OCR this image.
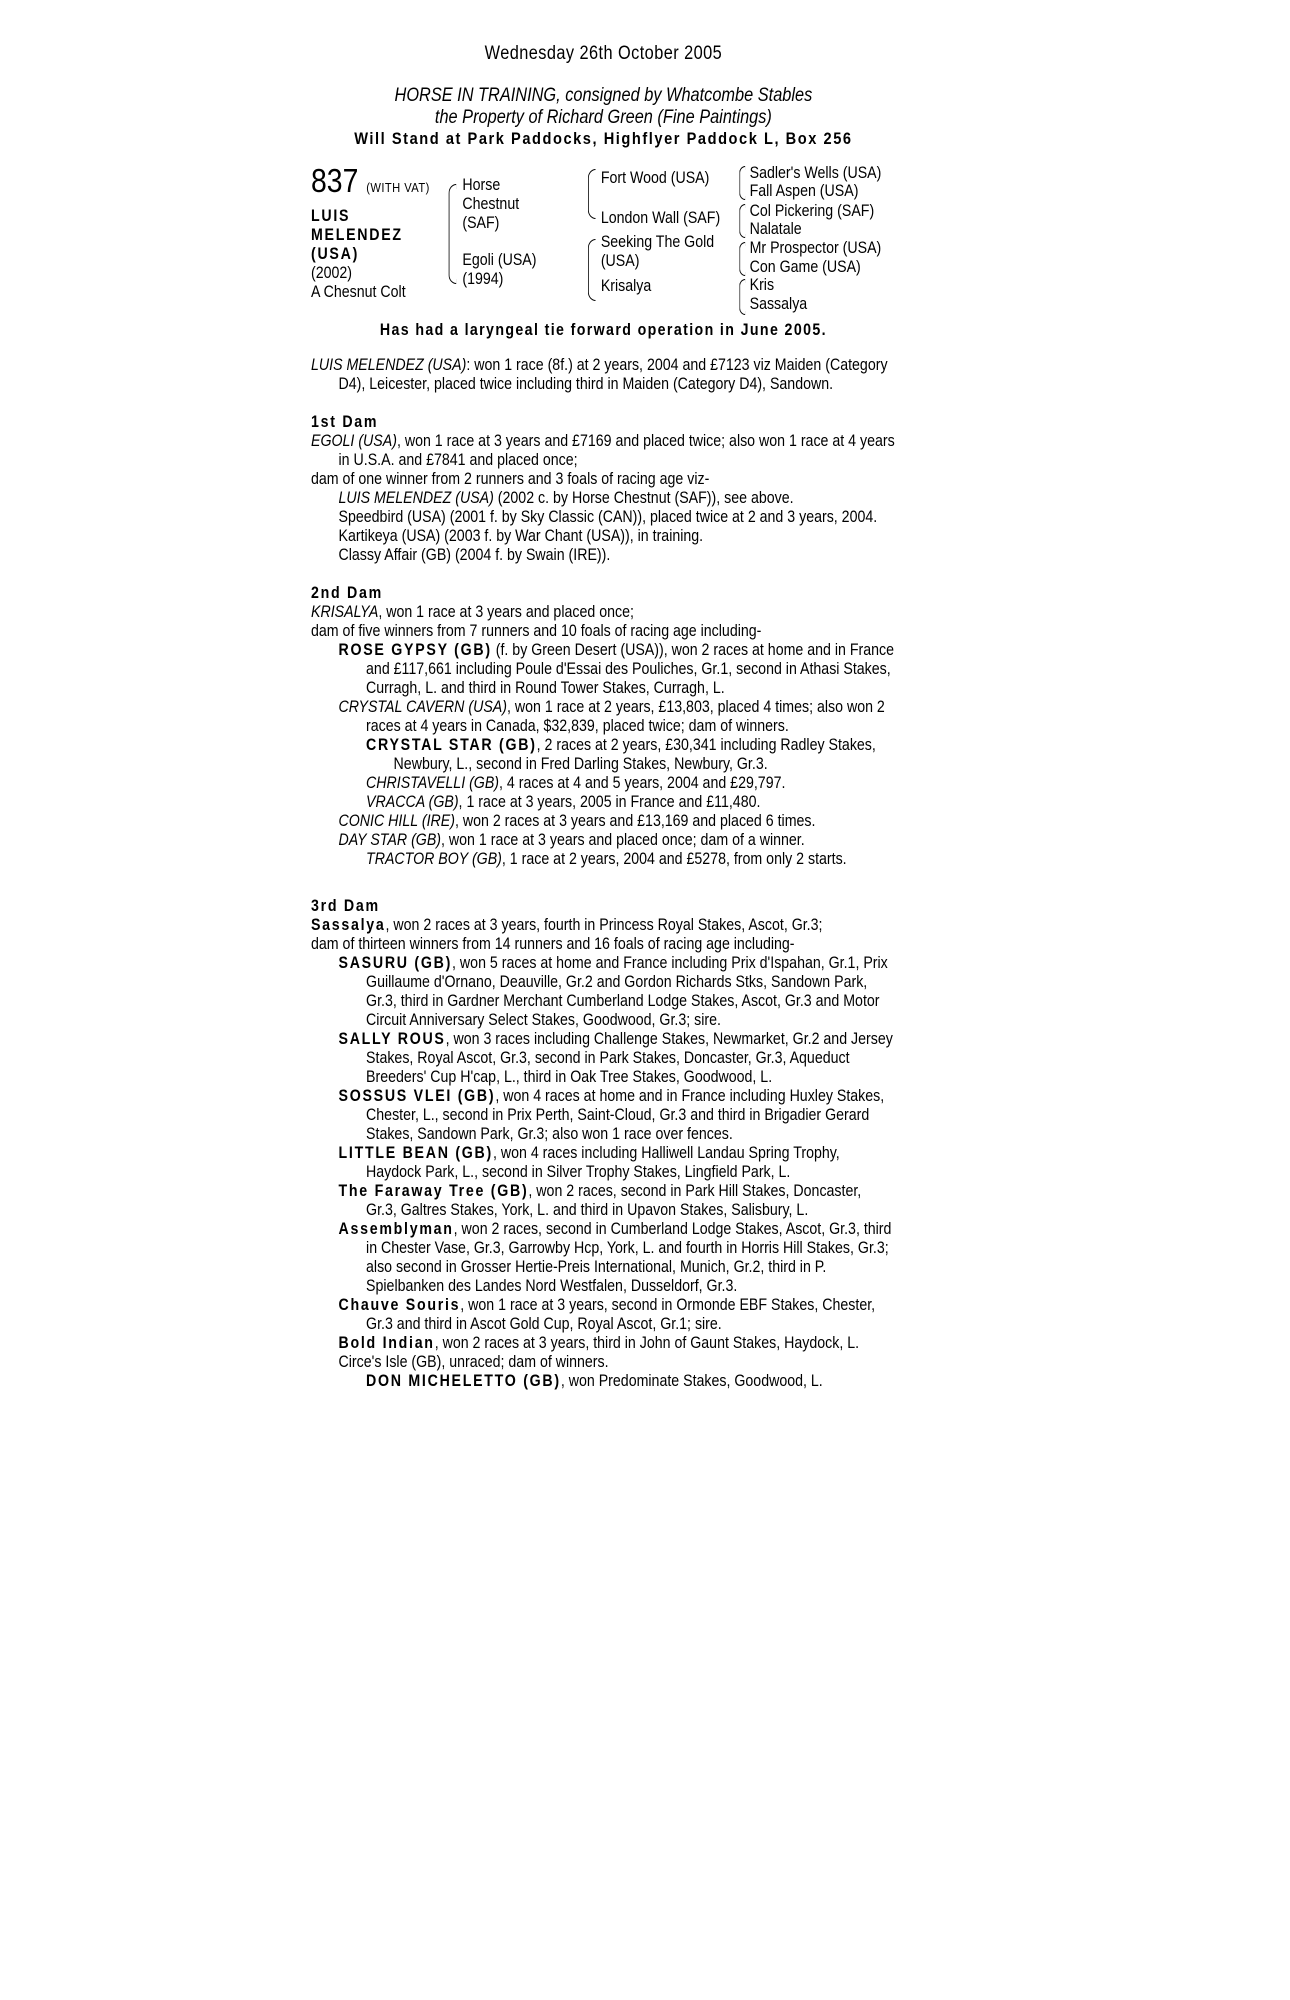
Wednesday 26th October 2005
HORSE IN TRAINING, consigned by Whatcombe Stables
the Property of Richard Green (Fine Paintings)
Will Stand at Park Paddocks, Highflyer Paddock L, Box 256
837 (WITH VAT)
LUIS MELENDEZ
(USA)
(2002)
A Chesnut Colt
Horse Chestnut (SAF)
Egoli (USA) (1994)
Fort Wood (USA)
London Wall (SAF)
Seeking The Gold (USA)
Krisalya
Sadler's Wells (USA)
Fall Aspen (USA)
Col Pickering (SAF)
Nalatale
Mr Prospector (USA)
Con Game (USA)
Kris
Sassalya
Has had a laryngeal tie forward operation in June 2005.

LUIS MELENDEZ (USA): won 1 race (8f.) at 2 years, 2004 and £7123 viz Maiden (Category D4), Leicester, placed twice including third in Maiden (Category D4), Sandown.

1st Dam

EGOLI (USA), won 1 race at 3 years and £7169 and placed twice; also won 1 race at 4 years in U.S.A. and £7841 and placed once;

dam of one winner from 2 runners and 3 foals of racing age viz-

LUIS MELENDEZ (USA) (2002 c. by Horse Chestnut (SAF)), see above.

Speedbird (USA) (2001 f. by Sky Classic (CAN)), placed twice at 2 and 3 years, 2004.

Kartikeya (USA) (2003 f. by War Chant (USA)), in training.

Classy Affair (GB) (2004 f. by Swain (IRE)).

2nd Dam

KRISALYA, won 1 race at 3 years and placed once;

dam of five winners from 7 runners and 10 foals of racing age including-

ROSE GYPSY (GB) (f. by Green Desert (USA)), won 2 races at home and in France and £117,661 including Poule d'Essai des Pouliches, Gr.1, second in Athasi Stakes, Curragh, L. and third in Round Tower Stakes, Curragh, L.

CRYSTAL CAVERN (USA), won 1 race at 2 years, £13,803, placed 4 times; also won 2 races at 4 years in Canada, $32,839, placed twice; dam of winners.

CRYSTAL STAR (GB), 2 races at 2 years, £30,341 including Radley Stakes, Newbury, L., second in Fred Darling Stakes, Newbury, Gr.3.

CHRISTAVELLI (GB), 4 races at 4 and 5 years, 2004 and £29,797.

VRACCA (GB), 1 race at 3 years, 2005 in France and £11,480.

CONIC HILL (IRE), won 2 races at 3 years and £13,169 and placed 6 times.

DAY STAR (GB), won 1 race at 3 years and placed once; dam of a winner.

TRACTOR BOY (GB), 1 race at 2 years, 2004 and £5278, from only 2 starts.

3rd Dam

Sassalya, won 2 races at 3 years, fourth in Princess Royal Stakes, Ascot, Gr.3;

dam of thirteen winners from 14 runners and 16 foals of racing age including-

SASURU (GB), won 5 races at home and France including Prix d'Ispahan, Gr.1, Prix Guillaume d'Ornano, Deauville, Gr.2 and Gordon Richards Stks, Sandown Park, Gr.3, third in Gardner Merchant Cumberland Lodge Stakes, Ascot, Gr.3 and Motor Circuit Anniversary Select Stakes, Goodwood, Gr.3; sire.

SALLY ROUS, won 3 races including Challenge Stakes, Newmarket, Gr.2 and Jersey Stakes, Royal Ascot, Gr.3, second in Park Stakes, Doncaster, Gr.3, Aqueduct Breeders' Cup H'cap, L., third in Oak Tree Stakes, Goodwood, L.

SOSSUS VLEI (GB), won 4 races at home and in France including Huxley Stakes, Chester, L., second in Prix Perth, Saint-Cloud, Gr.3 and third in Brigadier Gerard Stakes, Sandown Park, Gr.3; also won 1 race over fences.

LITTLE BEAN (GB), won 4 races including Halliwell Landau Spring Trophy, Haydock Park, L., second in Silver Trophy Stakes, Lingfield Park, L.

The Faraway Tree (GB), won 2 races, second in Park Hill Stakes, Doncaster, Gr.3, Galtres Stakes, York, L. and third in Upavon Stakes, Salisbury, L.

Assemblyman, won 2 races, second in Cumberland Lodge Stakes, Ascot, Gr.3, third in Chester Vase, Gr.3, Garrowby Hcp, York, L. and fourth in Horris Hill Stakes, Gr.3; also second in Grosser Hertie-Preis International, Munich, Gr.2, third in P. Spielbanken des Landes Nord Westfalen, Dusseldorf, Gr.3.

Chauve Souris, won 1 race at 3 years, second in Ormonde EBF Stakes, Chester, Gr.3 and third in Ascot Gold Cup, Royal Ascot, Gr.1; sire.

Bold Indian, won 2 races at 3 years, third in John of Gaunt Stakes, Haydock, L.

Circe's Isle (GB), unraced; dam of winners.

DON MICHELETTO (GB), won Predominate Stakes, Goodwood, L.
